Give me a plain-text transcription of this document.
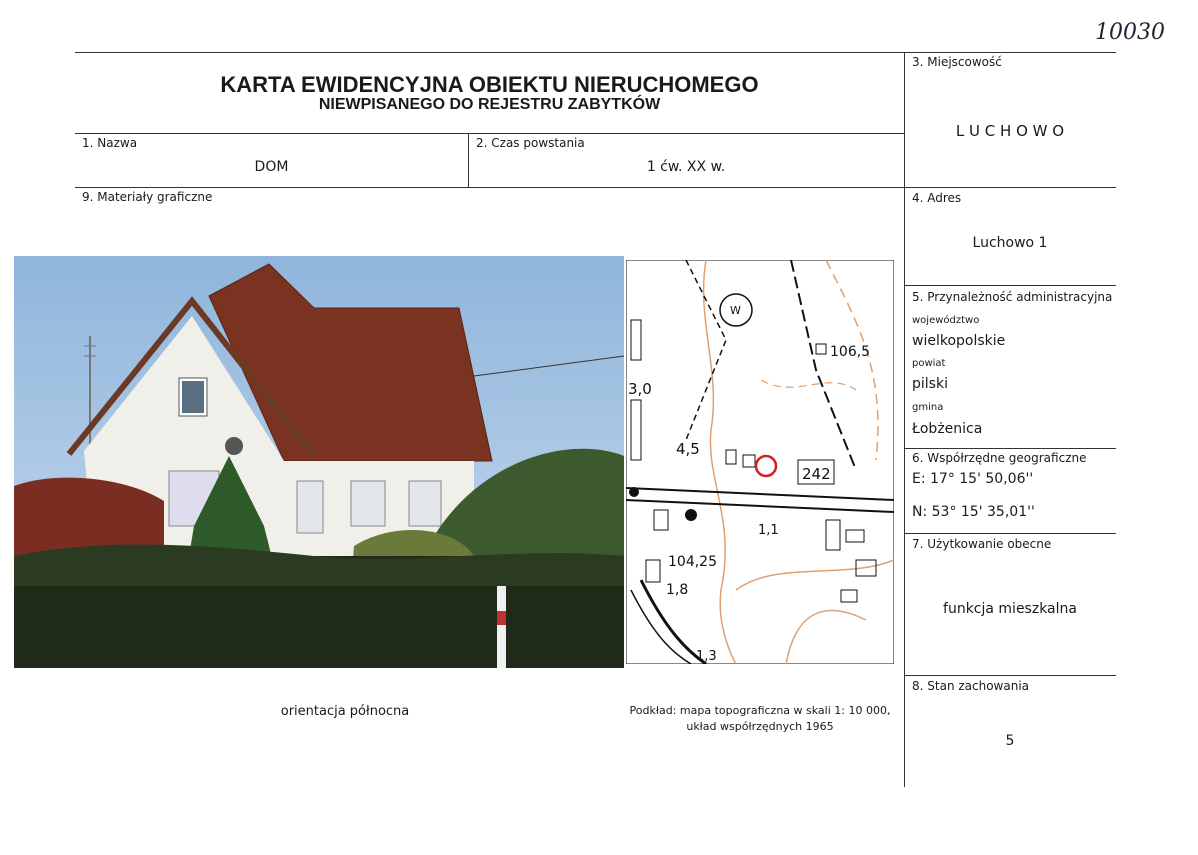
10030
KARTA EWIDENCYJNA OBIEKTU NIERUCHOMEGO
NIEWPISANEGO DO REJESTRU ZABYTKÓW
1. Nazwa
DOM
2. Czas powstania
1 ćw. XX w.
3. Miejscowość
L U C H O W O
4. Adres
Luchowo 1
5. Przynależność administracyjna
województwo
wielkopolskie
powiat
pilski
gmina
Łobżenica
6. Współrzędne geograficzne
E: 17° 15' 50,06''
N: 53° 15' 35,01''
7. Użytkowanie obecne
funkcja mieszkalna
8. Stan zachowania
5
9. Materiały graficzne
W
106,5
3,0
4,5
242
1,1
104,25
1,8
1,3
orientacja północna	Podkład: mapa topograficzna w skali 1: 10 000,
układ współrzędnych 1965
